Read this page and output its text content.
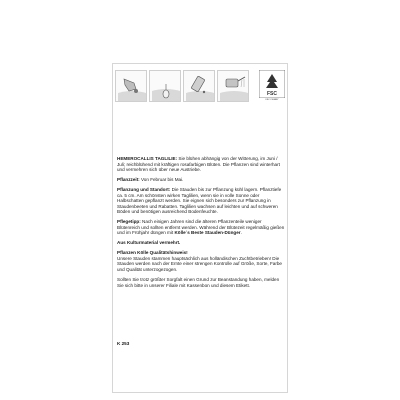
FSC
FSC C106887

HEMEROCALLIS TAGLILIE: Sie blühen abhängig von der Witterung, im Juni / Juli; reichblühend mit kräftigen rosafarbigen Blüten. Die Pflanzen sind winterhart und vermehren sich über neue Austriebe.

Pflanzzeit: Von Februar bis Mai.

Pflanzung und Standort: Die Stauden bis zur Pflanzung kühl lagern. Pflanztiefe ca. 5 cm. Am schönsten wirken Taglilien, wenn sie in volle Sonne oder Halbschatten gepflanzt werden. Sie eignen sich besonders zur Pflanzung in Staudenbeeten und Rabatten. Taglilien wachsen auf leichten und auf schweren Böden und benötigen ausreichend Bodenfeuchte.

Pflegetipp: Nach einigen Jahren sind die älteren Pflanzenteile weniger Blütenreich und sollten entfernt werden. Während der Blütezeit regelmäßig gießen und im Frühjahr düngen mit Kölle´s Beste Stauden-Dünger.

Aus Kulturmaterial vermehrt.

Pflanzen Kölle Qualitätshinweis!
Unsere Stauden stammen hauptsächlich aus holländischen Zuchtbetrieben! Die Stauden werden nach der Ernte einer strengen Kontrolle auf Größe, Sorte, Farbe und Qualität unterzogezogen.

Sollten Sie trotz größter Sorgfalt einen Grund zur Beanstandung haben, melden Sie sich bitte in unserer Filiale mit Kassenbon und diesem Etikett.

K 253
